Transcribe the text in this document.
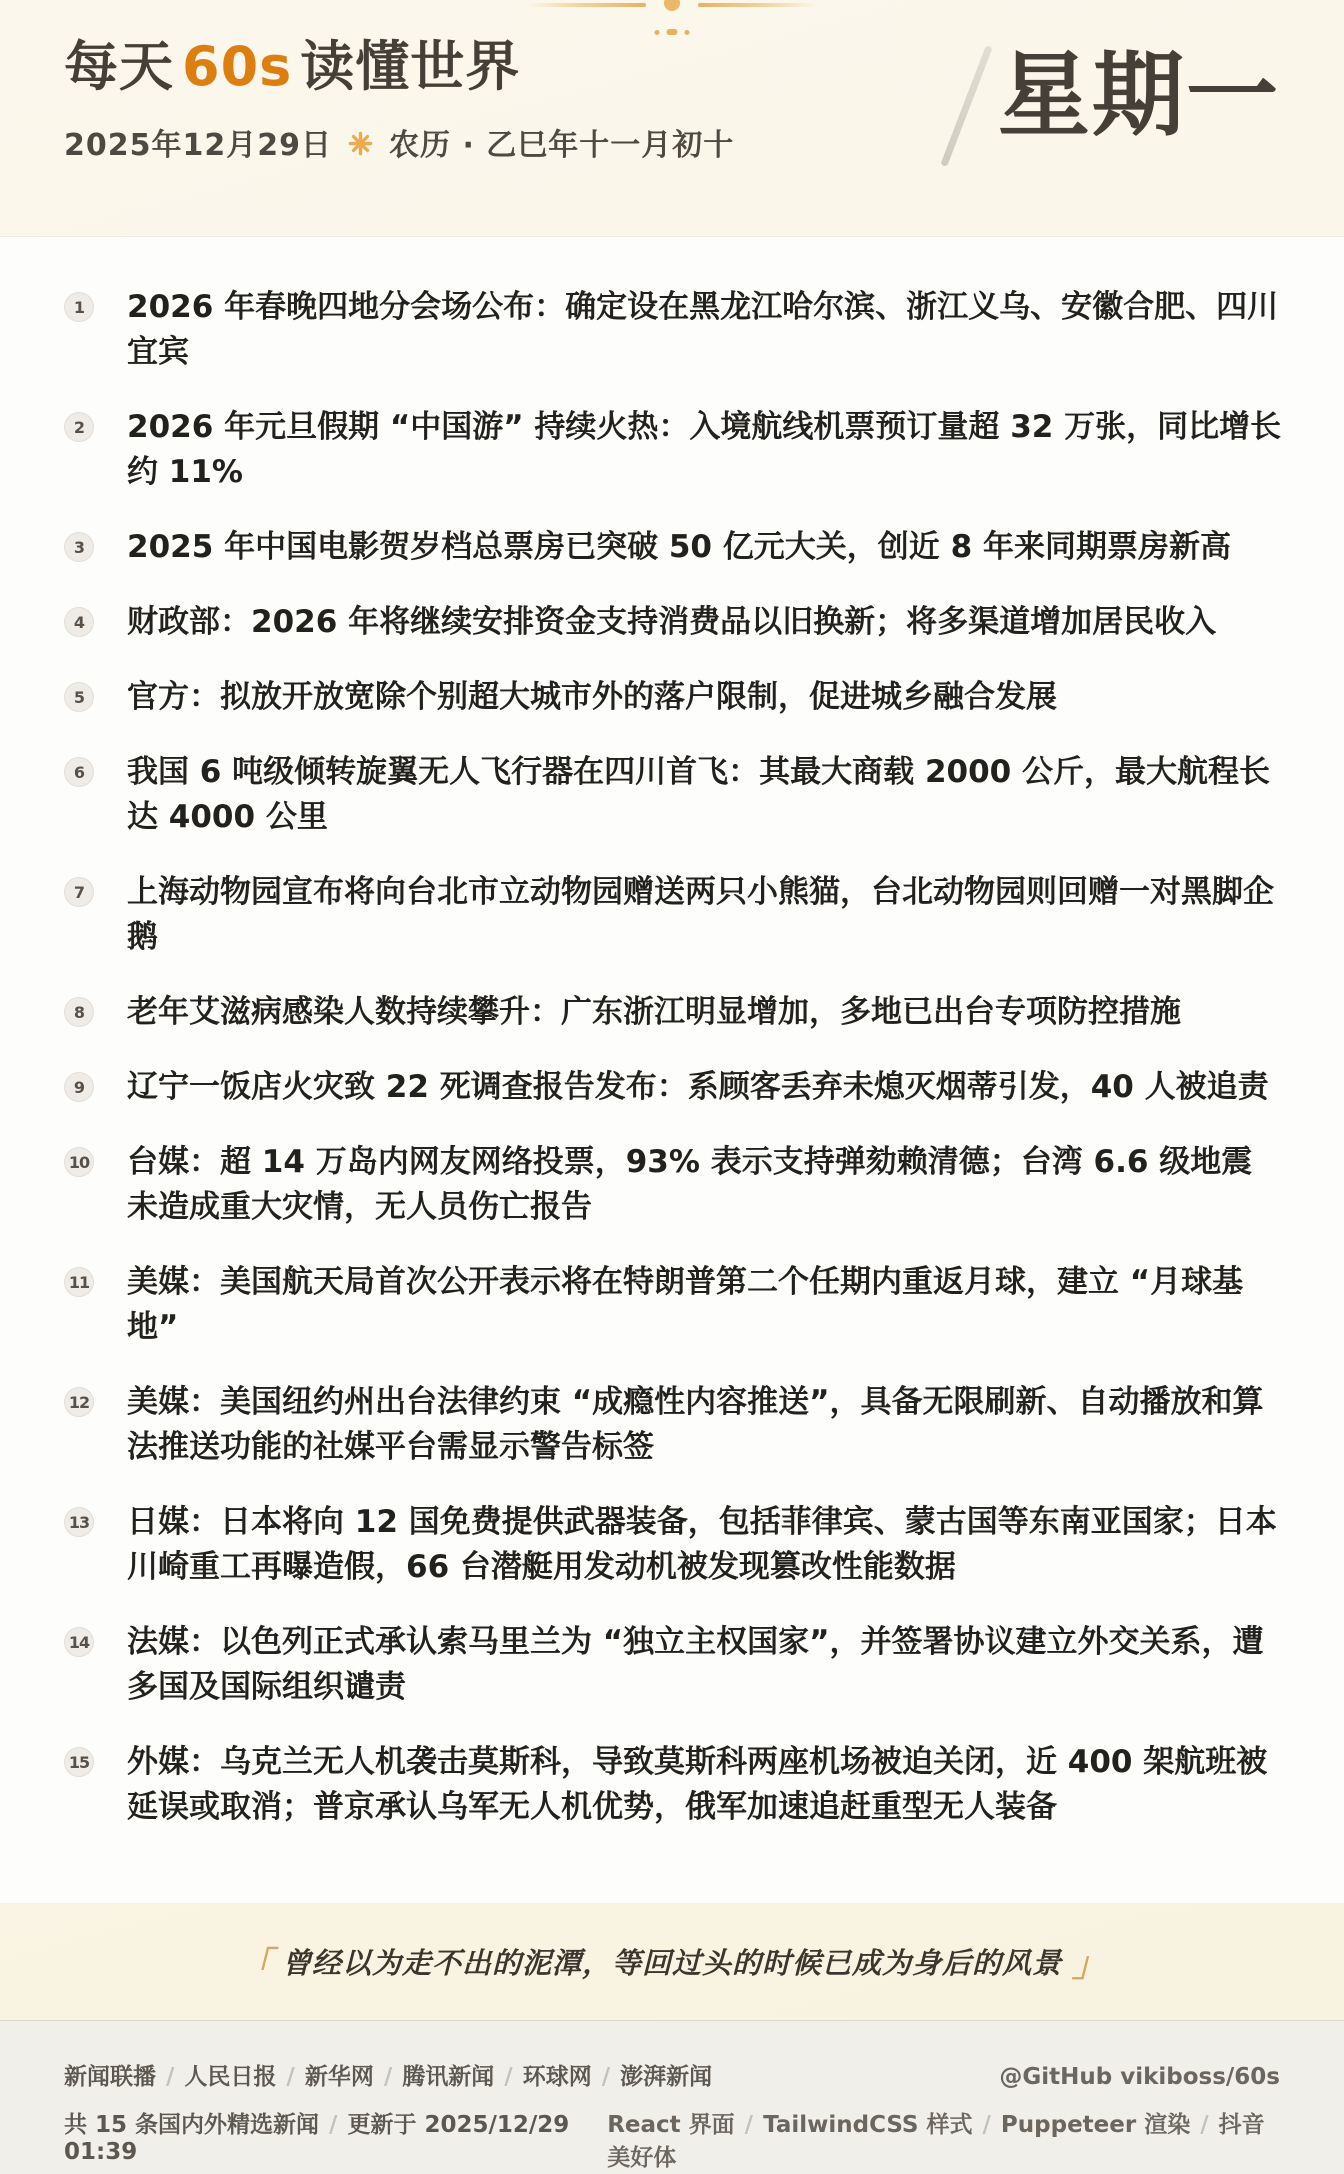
每天 60s 读懂世界
2025年12月29日 农历 · 乙巳年十一月初十	星期一
1 2026 年春晚四地分会场公布：确定设在黑龙江哈尔滨、浙江义乌、安徽合肥、四川宜宾
2 2026 年元旦假期 “中国游” 持续火热：入境航线机票预订量超 32 万张，同比增长约 11%
3 2025 年中国电影贺岁档总票房已突破 50 亿元大关，创近 8 年来同期票房新高
4 财政部：2026 年将继续安排资金支持消费品以旧换新；将多渠道增加居民收入
5 官方：拟放开放宽除个别超大城市外的落户限制，促进城乡融合发展
6 我国 6 吨级倾转旋翼无人飞行器在四川首飞：其最大商载 2000 公斤，最大航程长达 4000 公里
7 上海动物园宣布将向台北市立动物园赠送两只小熊猫，台北动物园则回赠一对黑脚企鹅
8 老年艾滋病感染人数持续攀升：广东浙江明显增加，多地已出台专项防控措施
9 辽宁一饭店火灾致 22 死调查报告发布：系顾客丢弃未熄灭烟蒂引发，40 人被追责
10 台媒：超 14 万岛内网友网络投票，93% 表示支持弹劾赖清德；台湾 6.6 级地震未造成重大灾情，无人员伤亡报告
11 美媒：美国航天局首次公开表示将在特朗普第二个任期内重返月球，建立 “月球基地”
12 美媒：美国纽约州出台法律约束 “成瘾性内容推送”，具备无限刷新、自动播放和算法推送功能的社媒平台需显示警告标签
13 日媒：日本将向 12 国免费提供武器装备，包括菲律宾、蒙古国等东南亚国家；日本川崎重工再曝造假，66 台潜艇用发动机被发现篡改性能数据
14 法媒：以色列正式承认索马里兰为 “独立主权国家”，并签署协议建立外交关系，遭多国及国际组织谴责
15 外媒：乌克兰无人机袭击莫斯科，导致莫斯科两座机场被迫关闭，近 400 架航班被延误或取消；普京承认乌军无人机优势，俄军加速追赶重型无人装备
「 曾经以为走不出的泥潭，等回过头的时候已成为身后的风景 」
新闻联播 / 人民日报 / 新华网 / 腾讯新闻 / 环球网 / 澎湃新闻	@GitHub vikiboss/60s
共 15 条国内外精选新闻 / 更新于 2025/12/29 01:39
React 界面 / TailwindCSS 样式 / Puppeteer 渲染 / 抖音美好体
